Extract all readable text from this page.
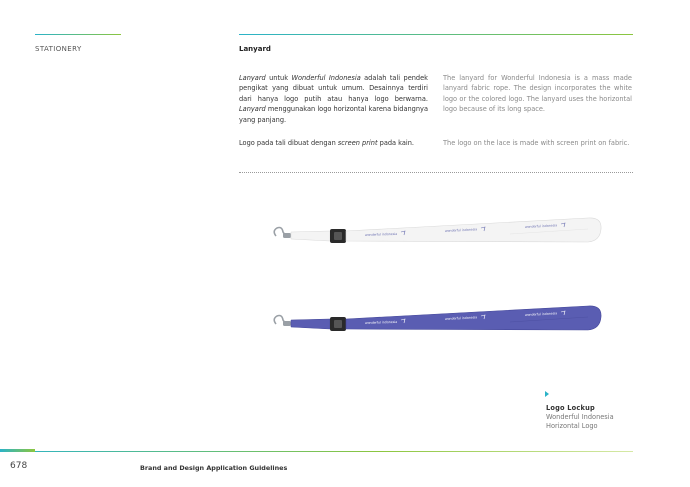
STATIONERY	Lanyard

Lanyard untuk Wonderful Indonesia adalah tali pendek pengikat yang dibuat untuk umum. Desainnya terdiri dari hanya logo putih atau hanya logo berwarna. Lanyard menggunakan logo horizontal karena bidangnya yang panjang.

Logo pada tali dibuat dengan screen print pada kain.

The lanyard for Wonderful Indonesia is a mass made lanyard fabric rope. The design incorporates the white logo or the colored logo. The lanyard uses the horizontal logo because of its long space.

The logo on the lace is made with screen print on fabric.

wonderful indonesia
wonderful indonesia
wonderful indonesia
wonderful indonesia
wonderful indonesia
wonderful indonesia
Logo Lockup
Wonderful Indonesia
Horizontal Logo
678	Brand and Design Application Guidelines
